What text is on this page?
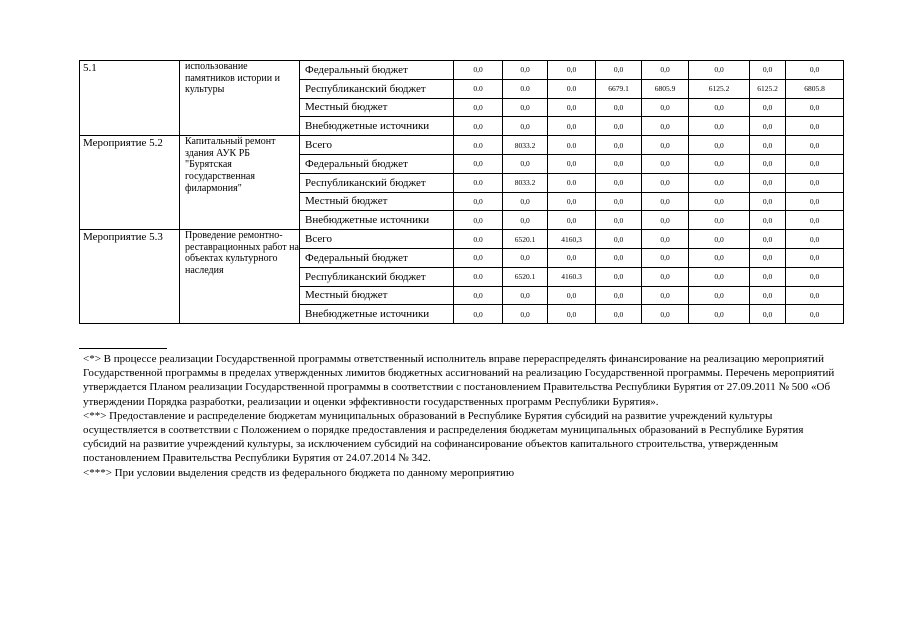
5.1	использование памятников истории и культуры	Федеральный бюджет	0,0	0,0	0,0	0,0	0,0	0,0	0,0	0,0
		Республиканский бюджет	0.0	0.0	0.0	6679.1	6805.9	6125.2	6125.2	6805.8
		Местный бюджет	0,0	0,0	0,0	0,0	0,0	0,0	0,0	0,0
		Внебюджетные источники	0,0	0,0	0,0	0,0	0,0	0,0	0,0	0,0
Мероприятие 5.2	Капитальный ремонт здания АУК РБ "Бурятская государственная филармония"	Всего	0.0	8033.2	0.0	0,0	0,0	0,0	0,0	0,0
		Федеральный бюджет	0,0	0,0	0,0	0,0	0,0	0,0	0,0	0,0
		Республиканский бюджет	0.0	8033.2	0.0	0,0	0,0	0,0	0,0	0,0
		Местный бюджет	0,0	0,0	0,0	0,0	0,0	0,0	0,0	0,0
		Внебюджетные источники	0,0	0,0	0,0	0,0	0,0	0,0	0,0	0,0
Мероприятие 5.3	Проведение ремонтно-реставрационных работ на объектах культурного наследия	Всего	0.0	6520.1	4160,3	0,0	0,0	0,0	0,0	0,0
		Федеральный бюджет	0,0	0,0	0,0	0,0	0,0	0,0	0,0	0,0
		Республиканский бюджет	0.0	6520.1	4160.3	0,0	0,0	0,0	0,0	0,0
		Местный бюджет	0,0	0,0	0,0	0,0	0,0	0,0	0,0	0,0
		Внебюджетные источники	0,0	0,0	0,0	0,0	0,0	0,0	0,0	0,0

<*> В процессе реализации Государственной программы ответственный исполнитель вправе перераспределять финансирование на реализацию мероприятий Государственной программы в пределах утвержденных лимитов бюджетных ассигнований на реализацию Государственной программы. Перечень мероприятий утверждается Планом реализации Государственной программы в соответствии с постановлением Правительства Республики Бурятия от 27.09.2011 № 500 «Об утверждении Порядка разработки, реализации и оценки эффективности государственных программ Республики Бурятия».

<**> Предоставление и распределение бюджетам муниципальных образований в Республике Бурятия субсидий на развитие учреждений культуры осуществляется в соответствии с Положением о порядке предоставления и распределения бюджетам муниципальных образований в Республике Бурятия субсидий на развитие учреждений культуры, за исключением субсидий на софинансирование объектов капитального строительства, утвержденным постановлением Правительства Республики Бурятия от 24.07.2014 № 342.

<***> При условии выделения средств из федерального бюджета по данному мероприятию
